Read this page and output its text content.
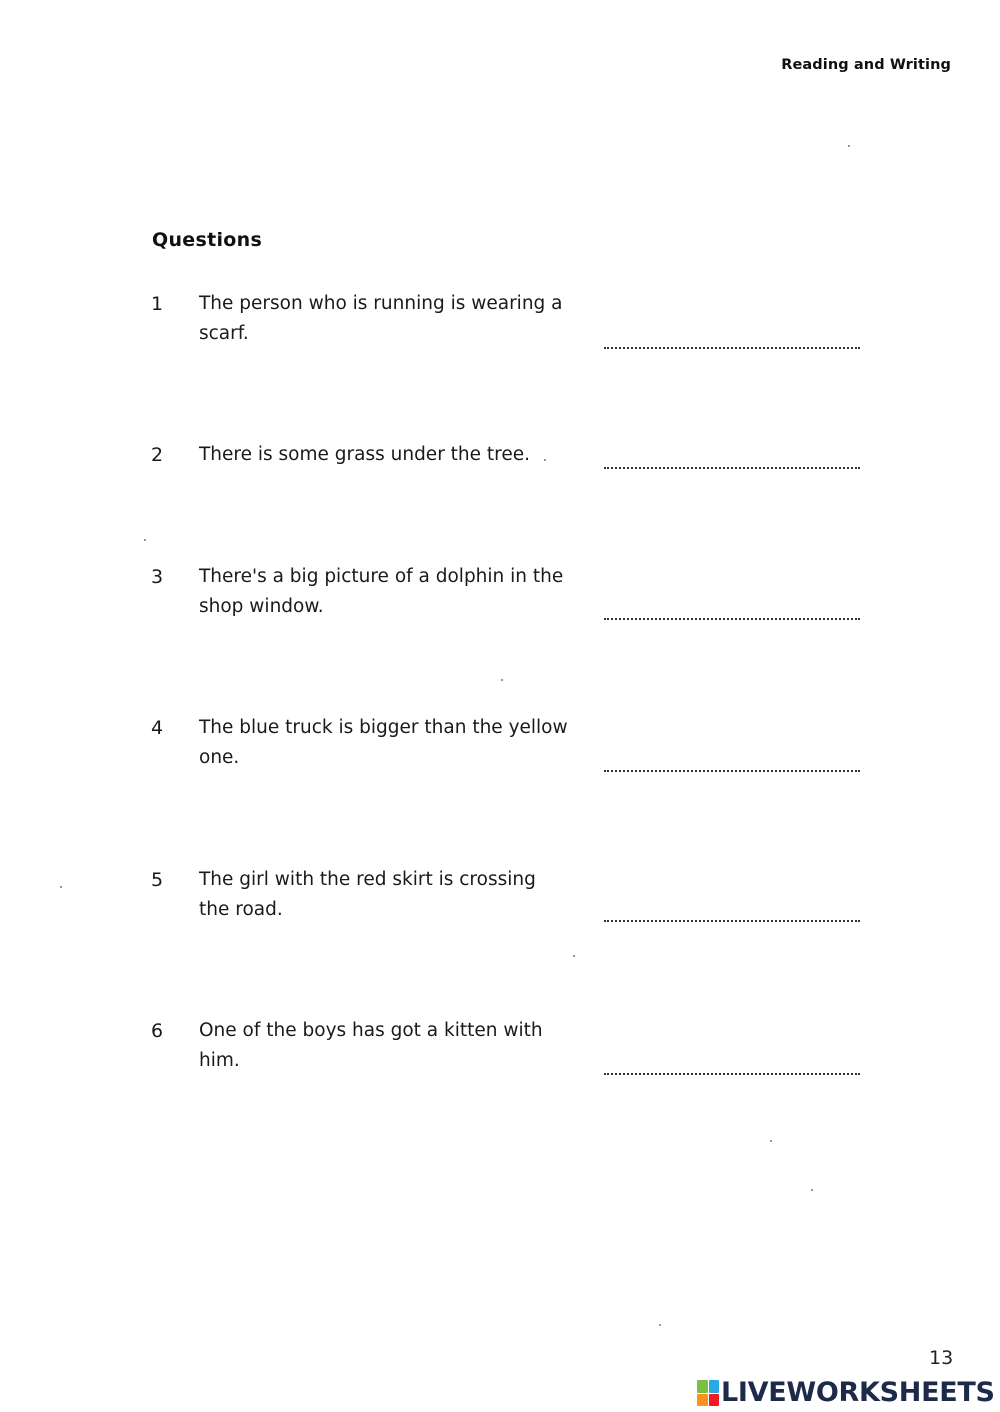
Reading and Writing
Questions
1 The person who is running is wearing a scarf.
2 There is some grass under the tree.
3 There's a big picture of a dolphin in the shop window.
4 The blue truck is bigger than the yellow one.
5 The girl with the red skirt is crossing the road.
6 One of the boys has got a kitten with him.
13
LIVEWORKSHEETS
